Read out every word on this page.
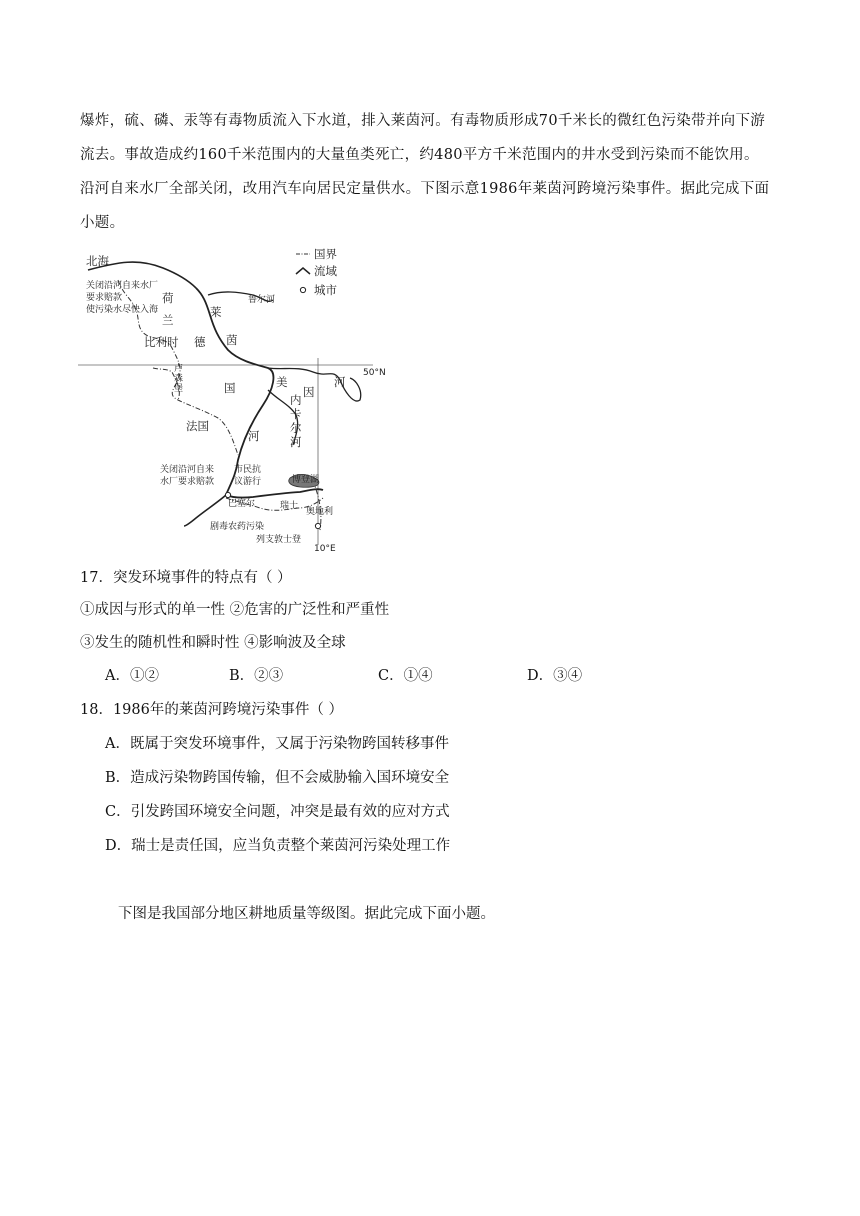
爆炸，硫、磷、汞等有毒物质流入下水道，排入莱茵河。有毒物质形成70千米长的微红色污染带并向下游

流去。事故造成约160千米范围内的大量鱼类死亡，约480平方千米范围内的井水受到污染而不能饮用。

沿河自来水厂全部关闭，改用汽车向居民定量供水。下图示意1986年莱茵河跨境污染事件。据此完成下面

小题。

国界
流域
城市
北海
关闭沿河自来水厂
要求赔款
使污染水尽快入海
荷
兰
鲁尔河
莱
茵
比利时 德
国
卢
森
堡
50°N
美
因
河
内
卡
尔
河
河
法国
关闭沿河自来
水厂要求赔款
市民抗
议游行	博登湖
巴塞尔	瑞士
奥地利
剧毒农药污染
列支敦士登
10°E

17．突发环境事件的特点有（ ）

①成因与形式的单一性 ②危害的广泛性和严重性

③发生的随机性和瞬时性 ④影响波及全球

A．①②	B．②③	C．①④	D．③④

18．1986年的莱茵河跨境污染事件（ ）

A．既属于突发环境事件，又属于污染物跨国转移事件

B．造成污染物跨国传输，但不会威胁输入国环境安全

C．引发跨国环境安全问题，冲突是最有效的应对方式

D．瑞士是责任国，应当负责整个莱茵河污染处理工作

下图是我国部分地区耕地质量等级图。据此完成下面小题。
